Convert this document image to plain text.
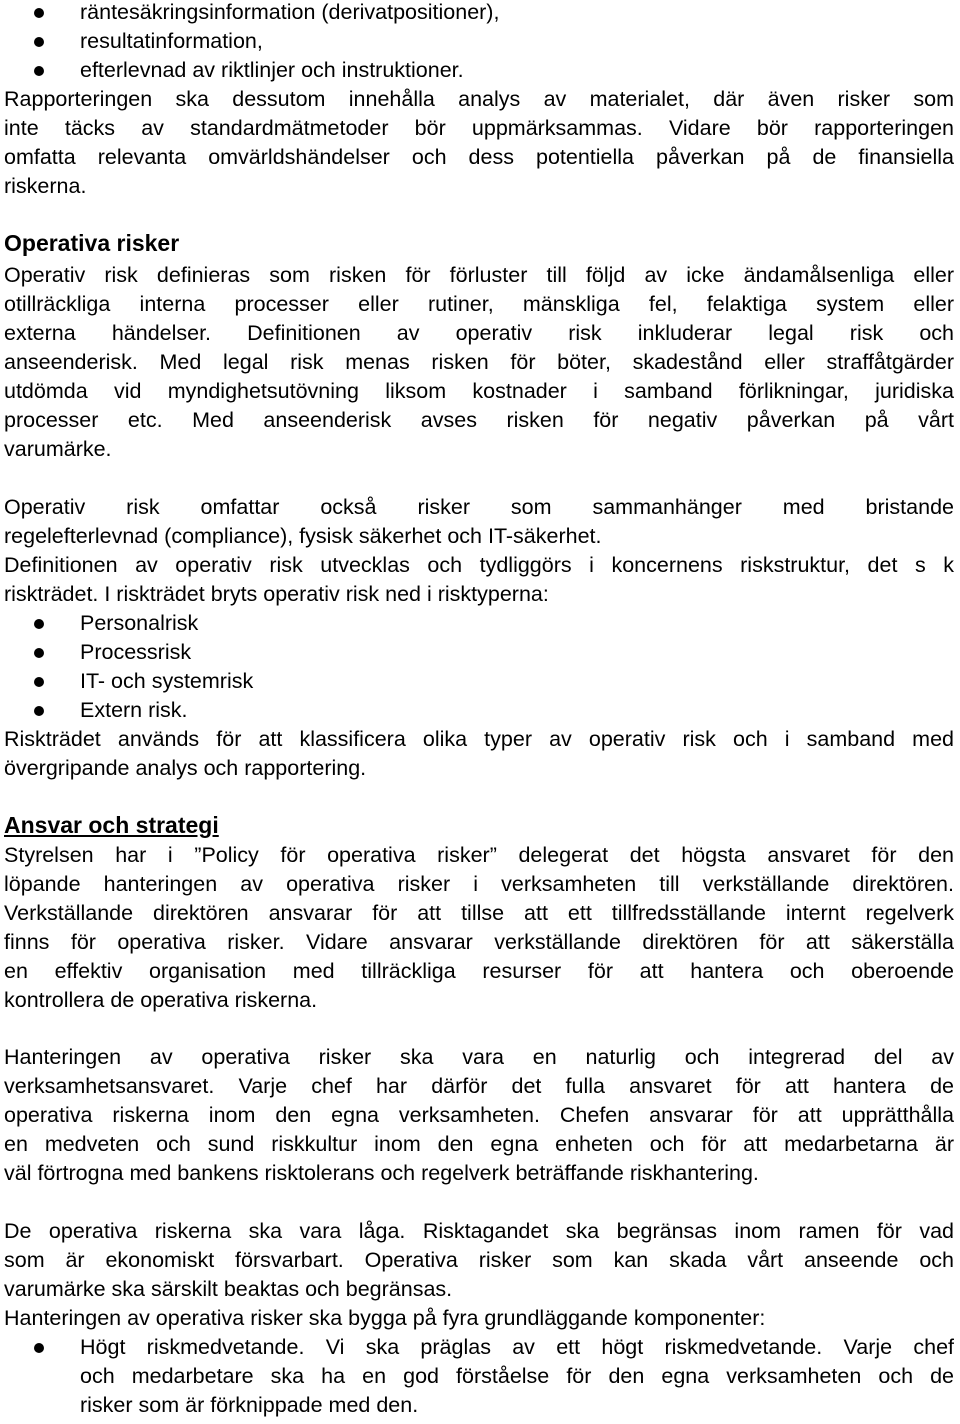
räntesäkringsinformation (derivatpositioner),
resultatinformation,
efterlevnad av riktlinjer och instruktioner.
Rapporteringen ska dessutom innehålla analys av materialet, där även risker som
inte täcks av standardmätmetoder bör uppmärksammas. Vidare bör rapporteringen
omfatta relevanta omvärldshändelser och dess potentiella påverkan på de finansiella
riskerna.
Operativa risker
Operativ risk definieras som risken för förluster till följd av icke ändamålsenliga eller
otillräckliga interna processer eller rutiner, mänskliga fel, felaktiga system eller
externa händelser. Definitionen av operativ risk inkluderar legal risk och
anseenderisk. Med legal risk menas risken för böter, skadestånd eller straffåtgärder
utdömda vid myndighetsutövning liksom kostnader i samband förlikningar, juridiska
processer etc. Med anseenderisk avses risken för negativ påverkan på vårt
varumärke.
Operativ risk omfattar också risker som sammanhänger med bristande
regelefterlevnad (compliance), fysisk säkerhet och IT-säkerhet.
Definitionen av operativ risk utvecklas och tydliggörs i koncernens riskstruktur, det s k
riskträdet. I riskträdet bryts operativ risk ned i risktyperna:
Personalrisk
Processrisk
IT- och systemrisk
Extern risk.
Riskträdet används för att klassificera olika typer av operativ risk och i samband med
övergripande analys och rapportering.
Ansvar och strategi
Styrelsen har i ”Policy för operativa risker” delegerat det högsta ansvaret för den
löpande hanteringen av operativa risker i verksamheten till verkställande direktören.
Verkställande direktören ansvarar för att tillse att ett tillfredsställande internt regelverk
finns för operativa risker. Vidare ansvarar verkställande direktören för att säkerställa
en effektiv organisation med tillräckliga resurser för att hantera och oberoende
kontrollera de operativa riskerna.
Hanteringen av operativa risker ska vara en naturlig och integrerad del av
verksamhetsansvaret. Varje chef har därför det fulla ansvaret för att hantera de
operativa riskerna inom den egna verksamheten. Chefen ansvarar för att upprätthålla
en medveten och sund riskkultur inom den egna enheten och för att medarbetarna är
väl förtrogna med bankens risktolerans och regelverk beträffande riskhantering.
De operativa riskerna ska vara låga. Risktagandet ska begränsas inom ramen för vad
som är ekonomiskt försvarbart. Operativa risker som kan skada vårt anseende och
varumärke ska särskilt beaktas och begränsas.
Hanteringen av operativa risker ska bygga på fyra grundläggande komponenter:
Högt riskmedvetande. Vi ska präglas av ett högt riskmedvetande. Varje chef
och medarbetare ska ha en god förståelse för den egna verksamheten och de
risker som är förknippade med den.
